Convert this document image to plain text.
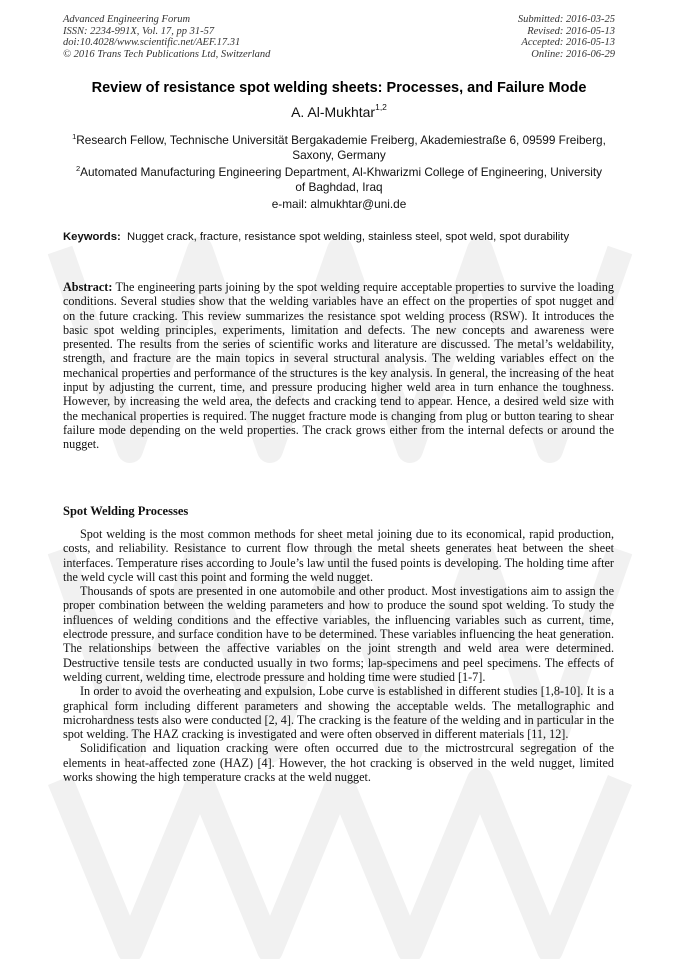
Advanced Engineering Forum
ISSN: 2234-991X, Vol. 17, pp 31-57
doi:10.4028/www.scientific.net/AEF.17.31
© 2016 Trans Tech Publications Ltd, Switzerland
Submitted: 2016-03-25
Revised: 2016-05-13
Accepted: 2016-05-13
Online: 2016-06-29
Review of resistance spot welding sheets: Processes, and Failure Mode
A. Al-Mukhtar$^{1,2}$

$^1$Research Fellow, Technische Universität Bergakademie Freiberg, Akademiestraße 6, 09599 Freiberg, Saxony, Germany

$^2$Automated Manufacturing Engineering Department, Al-Khwarizmi College of Engineering, University of Baghdad, Iraq

e-mail: almukhtar@uni.de
Keywords: Nugget crack, fracture, resistance spot welding, stainless steel, spot weld, spot durability

Abstract: The engineering parts joining by the spot welding require acceptable properties to survive the loading conditions. Several studies show that the welding variables have an effect on the properties of spot nugget and on the future cracking. This review summarizes the resistance spot welding process (RSW). It introduces the basic spot welding principles, experiments, limitation and defects. The new concepts and awareness were presented. The results from the series of scientific works and literature are discussed. The metal’s weldability, strength, and fracture are the main topics in several structural analysis. The welding variables effect on the mechanical properties and performance of the structures is the key analysis. In general, the increasing of the heat input by adjusting the current, time, and pressure producing higher weld area in turn enhance the toughness. However, by increasing the weld area, the defects and cracking tend to appear. Hence, a desired weld size with the mechanical properties is required. The nugget fracture mode is changing from plug or button tearing to shear failure mode depending on the weld properties. The crack grows either from the internal defects or around the nugget.

Spot Welding Processes

Spot welding is the most common methods for sheet metal joining due to its economical, rapid production, costs, and reliability. Resistance to current flow through the metal sheets generates heat between the sheet interfaces. Temperature rises according to Joule’s law until the fused points is developing. The holding time after the weld cycle will cast this point and forming the weld nugget.

Thousands of spots are presented in one automobile and other product. Most investigations aim to assign the proper combination between the welding parameters and how to produce the sound spot welding. To study the influences of welding conditions and the effective variables, the influencing variables such as current, time, electrode pressure, and surface condition have to be determined. These variables influencing the heat generation. The relationships between the affective variables on the joint strength and weld area were determined. Destructive tensile tests are conducted usually in two forms; lap-specimens and peel specimens. The effects of welding current, welding time, electrode pressure and holding time were studied [1-7].

In order to avoid the overheating and expulsion, Lobe curve is established in different studies [1,8-10]. It is a graphical form including different parameters and showing the acceptable welds. The metallographic and microhardness tests also were conducted [2, 4]. The cracking is the feature of the welding and in particular in the spot welding. The HAZ cracking is investigated and were often observed in different materials [11, 12].

Solidification and liquation cracking were often occurred due to the mictrostrcural segregation of the elements in heat-affected zone (HAZ) [4]. However, the hot cracking is observed in the weld nugget, limited works showing the high temperature cracks at the weld nugget.
